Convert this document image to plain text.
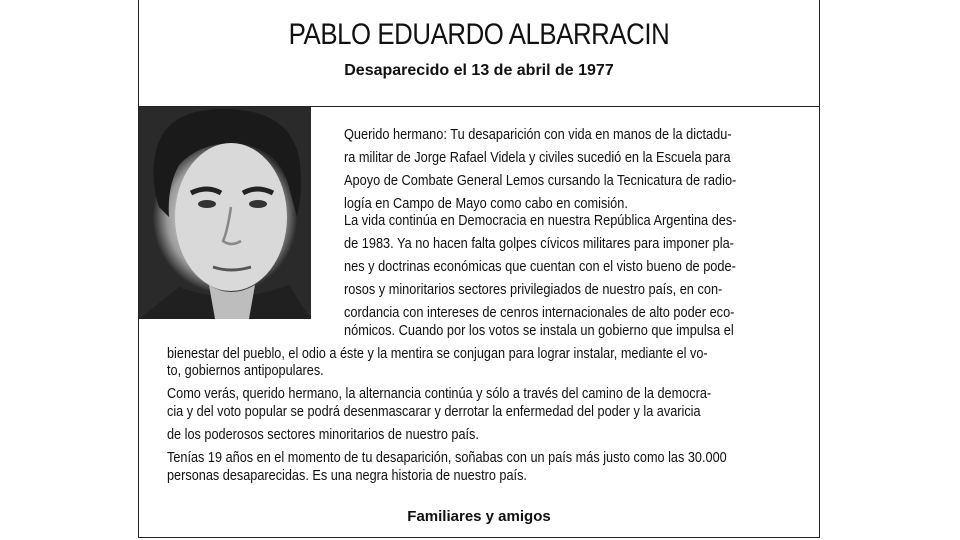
PABLO EDUARDO ALBARRACIN
Desaparecido el 13 de abril de 1977
Querido hermano: Tu desaparición con vida en manos de la dictadu-
ra militar de Jorge Rafael Videla y civiles sucedió en la Escuela para
Apoyo de Combate General Lemos cursando la Tecnicatura de radio-
logía en Campo de Mayo como cabo en comisión.
La vida continúa en Democracia en nuestra República Argentina des-
de 1983. Ya no hacen falta golpes cívicos militares para imponer pla-
nes y doctrinas económicas que cuentan con el visto bueno de pode-
rosos y minoritarios sectores privilegiados de nuestro país, en con-
cordancia con intereses de cenros internacionales de alto poder eco-
nómicos. Cuando por los votos se instala un gobierno que impulsa el
bienestar del pueblo, el odio a éste y la mentira se conjugan para lograr instalar, mediante el vo-
to, gobiernos antipopulares.
Como verás, querido hermano, la alternancia continúa y sólo a través del camino de la democra-
cia y del voto popular se podrá desenmascarar y derrotar la enfermedad del poder y la avaricia
de los poderosos sectores minoritarios de nuestro país.
Tenías 19 años en el momento de tu desaparición, soñabas con un país más justo como las 30.000
personas desaparecidas. Es una negra historia de nuestro país.
Familiares y amigos
